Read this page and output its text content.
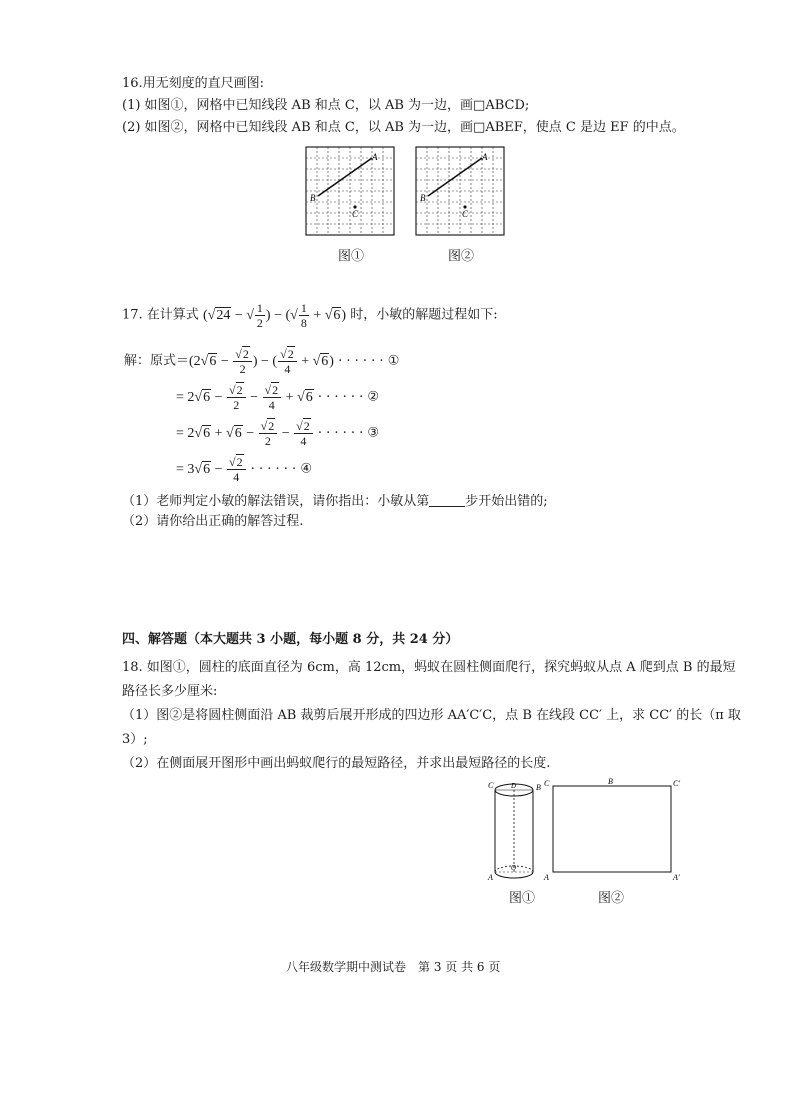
16.用无刻度的直尺画图:
(1) 如图①，网格中已知线段 AB 和点 C，以 AB 为一边，画□ABCD;
(2) 如图②，网格中已知线段 AB 和点 C，以 AB 为一边，画□ABEF，使点 C 是边 EF 的中点。
A
B
C
图①
A
B
C
图②
17. 在计算式 (√24 − √ $\frac{1}{2}$ ) − (√ $\frac{1}{8} + √6$) 时，小敏的解题过程如下:
解：原式$=(2√6 - \frac{√2}{2}$ ) − ( $\frac{√2}{4} + √6$) · · · · · · ①
= $2√6 - \frac{√2}{2} - \frac{√2}{4} + √6$ · · · · · · ②
= $2√6 + √6 - \frac{√2}{2} - \frac{√2}{4}$ · · · · · · ③
= $3√6 - \frac{√2}{4}$ · · · · · · ④
（1）老师判定小敏的解法错误，请你指出：小敏从第	步开始出错的;
（2）请你给出正确的解答过程.
四、解答题（本大题共 3 小题，每小题 8 分，共 24 分）
18. 如图①，圆柱的底面直径为 6cm，高 12cm，蚂蚁在圆柱侧面爬行，探究蚂蚁从点 A 爬到点 B 的最短
路径长多少厘米:
（1）图②是将圆柱侧面沿 AB 裁剪后展开形成的四边形 AA′C′C，点 B 在线段 CC′ 上，求 CC′ 的长（π 取
3）;
（2）在侧面展开图形中画出蚂蚁爬行的最短路径，并求出最短路径的长度.
C	B
D
O
A
图①
C	B	C′
A	A′
图②
八年级数学期中测试卷　第 3 页 共 6 页
